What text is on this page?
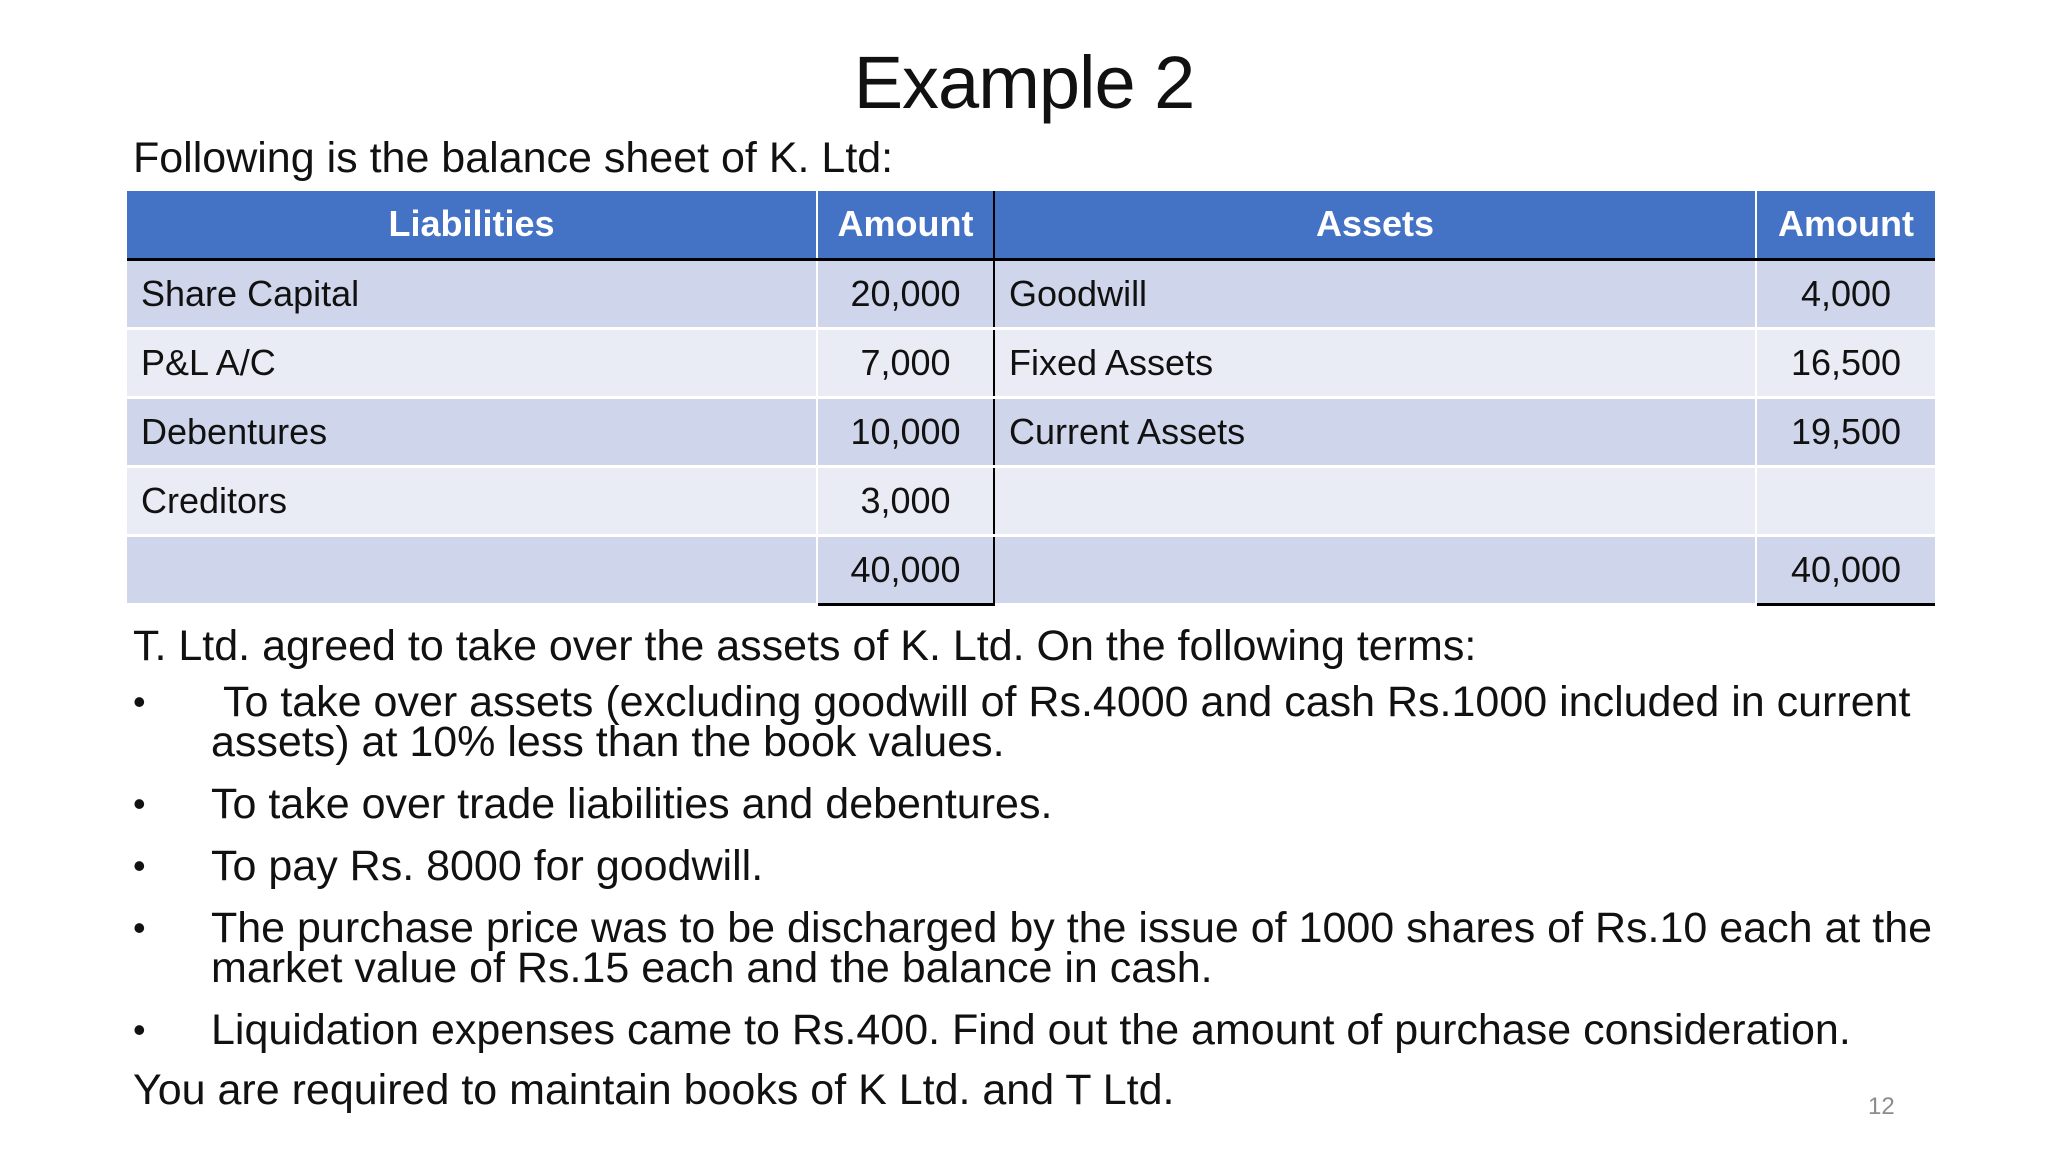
Example 2
Following is the balance sheet of K. Ltd:
Liabilities	Amount	Assets	Amount
Share Capital	20,000	Goodwill	4,000
P&L A/C	7,000	Fixed Assets	16,500
Debentures	10,000	Current Assets	19,500
Creditors	3,000		
	40,000		40,000
T. Ltd. agreed to take over the assets of K. Ltd. On the following terms:
•	To take over assets (excluding goodwill of Rs.4000 and cash Rs.1000 included in current assets) at 10% less than the book values.
•	To take over trade liabilities and debentures.
•	To pay Rs. 8000 for goodwill.
•	The purchase price was to be discharged by the issue of 1000 shares of Rs.10 each at the market value of Rs.15 each and the balance in cash.
•	Liquidation expenses came to Rs.400. Find out the amount of purchase consideration.
You are required to maintain books of K Ltd. and T Ltd.	12
